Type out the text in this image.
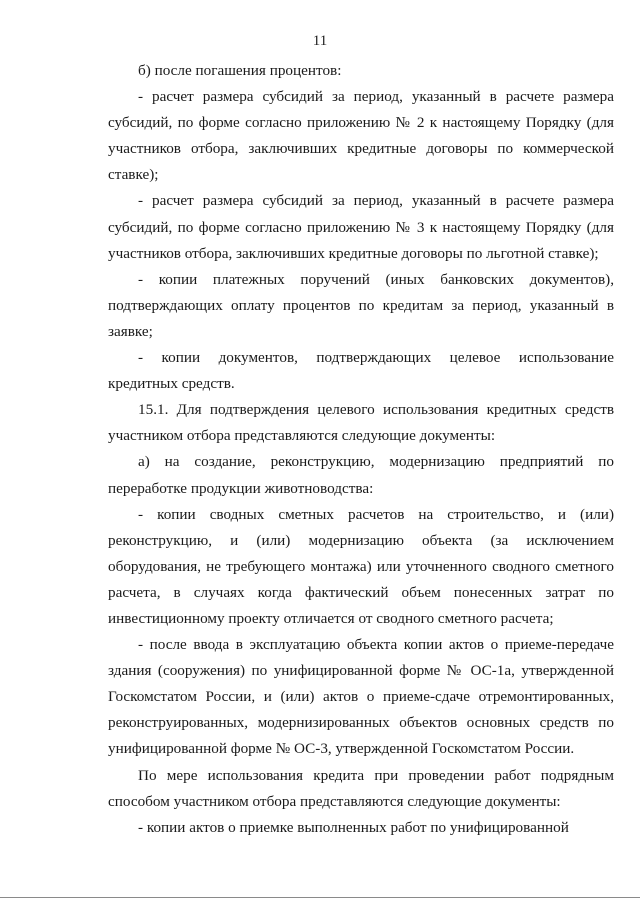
11

б) после погашения процентов:

- расчет размера субсидий за период, указанный в расчете размера субсидий, по форме согласно приложению № 2 к настоящему Порядку (для участников отбора, заключивших кредитные договоры по коммерческой ставке);

- расчет размера субсидий за период, указанный в расчете размера субсидий, по форме согласно приложению № 3 к настоящему Порядку (для участников отбора, заключивших кредитные договоры по льготной ставке);

- копии платежных поручений (иных банковских документов), подтверждающих оплату процентов по кредитам за период, указанный в заявке;

- копии документов, подтверждающих целевое использование кредитных средств.

15.1. Для подтверждения целевого использования кредитных средств участником отбора представляются следующие документы:

а) на создание, реконструкцию, модернизацию предприятий по переработке продукции животноводства:

- копии сводных сметных расчетов на строительство, и (или) реконструкцию, и (или) модернизацию объекта (за исключением оборудования, не требующего монтажа) или уточненного сводного сметного расчета, в случаях когда фактический объем понесенных затрат по инвестиционному проекту отличается от сводного сметного расчета;

- после ввода в эксплуатацию объекта копии актов о приеме-передаче здания (сооружения) по унифицированной форме № ОС-1а, утвержденной Госкомстатом России, и (или) актов о приеме-сдаче отремонтированных, реконструированных, модернизированных объектов основных средств по унифицированной форме № ОС-3, утвержденной Госкомстатом России.

По мере использования кредита при проведении работ подрядным способом участником отбора представляются следующие документы:

- копии актов о приемке выполненных работ по унифицированной
